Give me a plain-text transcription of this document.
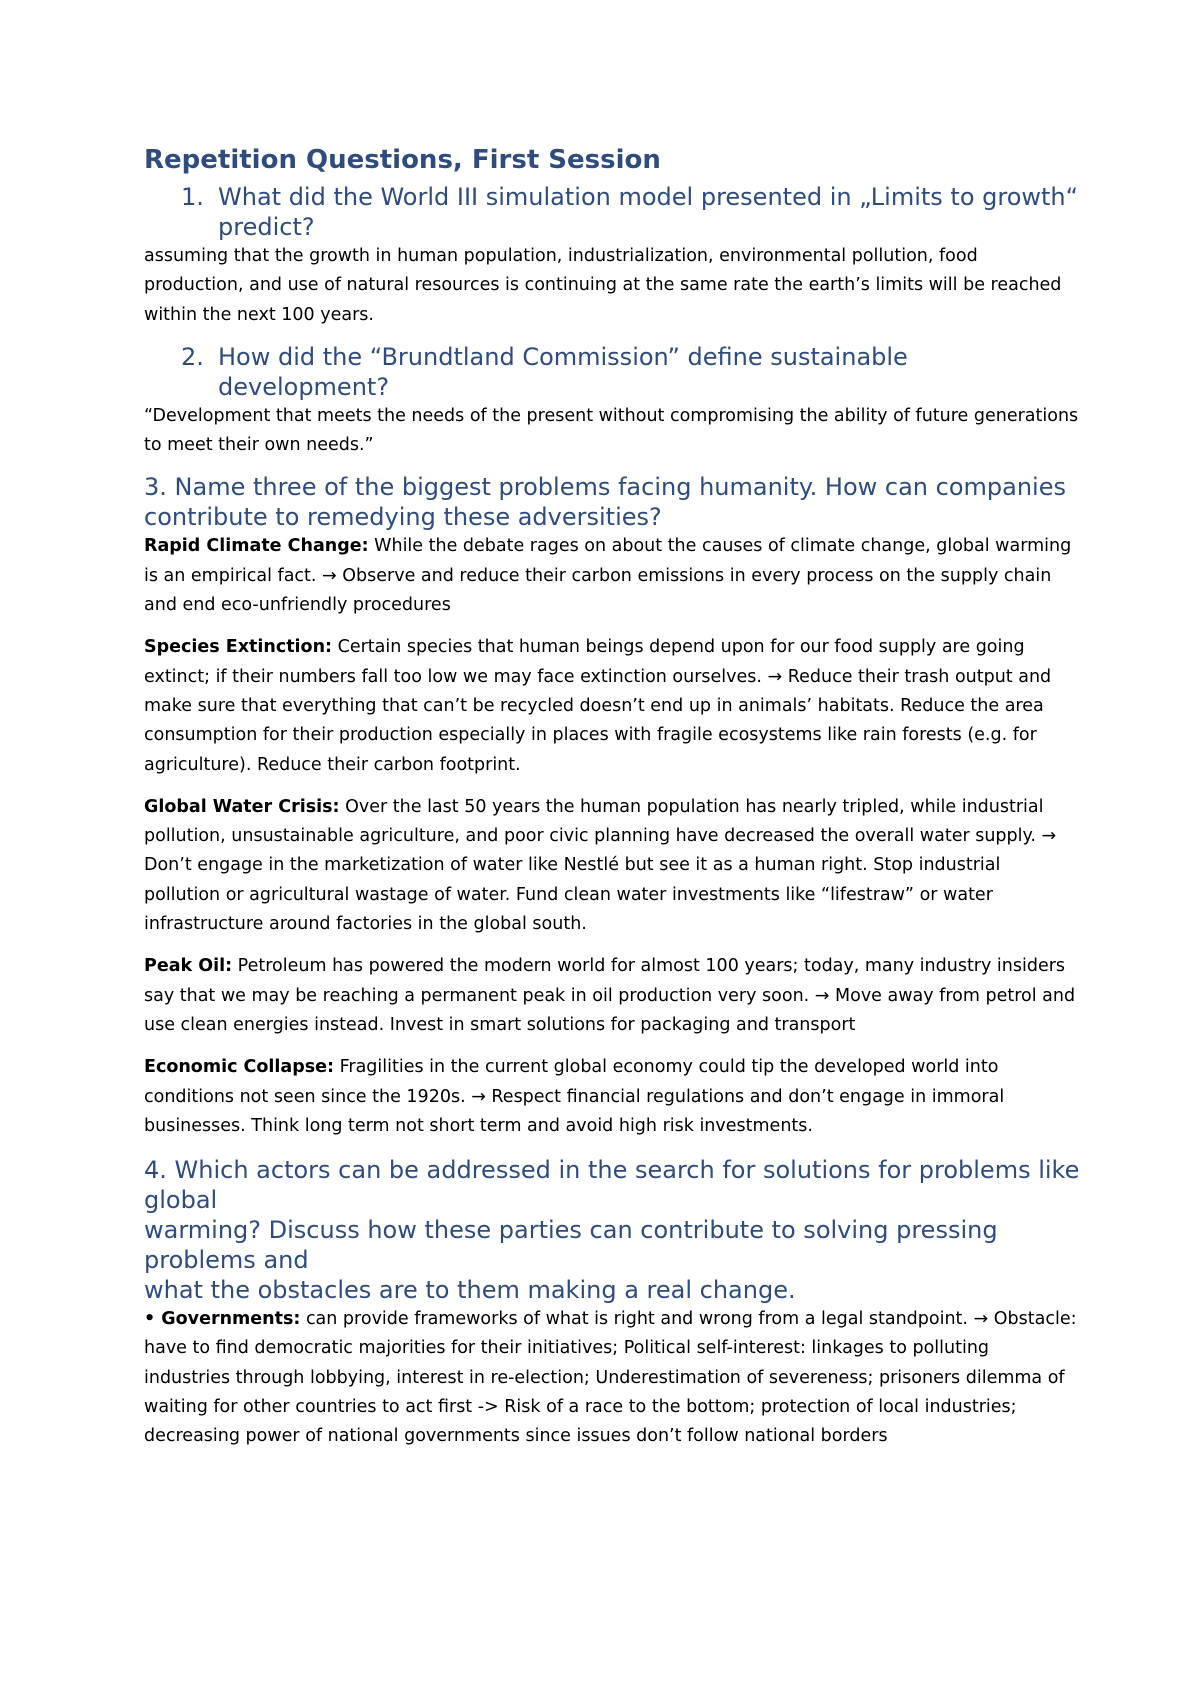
Repetition Questions, First Session
1. What did the World III simulation model presented in „Limits to growth“ predict?

assuming that the growth in human population, industrialization, environmental pollution, food production, and use of natural resources is continuing at the same rate the earth’s limits will be reached within the next 100 years.

2. How did the “Brundtland Commission” define sustainable development?

“Development that meets the needs of the present without compromising the ability of future generations to meet their own needs.”

3. Name three of the biggest problems facing humanity. How can companies contribute to remedying these adversities?

Rapid Climate Change: While the debate rages on about the causes of climate change, global warming is an empirical fact. → Observe and reduce their carbon emissions in every process on the supply chain and end eco-unfriendly procedures

Species Extinction: Certain species that human beings depend upon for our food supply are going extinct; if their numbers fall too low we may face extinction ourselves. → Reduce their trash output and make sure that everything that can’t be recycled doesn’t end up in animals’ habitats. Reduce the area consumption for their production especially in places with fragile ecosystems like rain forests (e.g. for agriculture). Reduce their carbon footprint.

Global Water Crisis: Over the last 50 years the human population has nearly tripled, while industrial pollution, unsustainable agriculture, and poor civic planning have decreased the overall water supply. → Don’t engage in the marketization of water like Nestlé but see it as a human right. Stop industrial pollution or agricultural wastage of water. Fund clean water investments like “lifestraw” or water infrastructure around factories in the global south.

Peak Oil: Petroleum has powered the modern world for almost 100 years; today, many industry insiders say that we may be reaching a permanent peak in oil production very soon. → Move away from petrol and use clean energies instead. Invest in smart solutions for packaging and transport

Economic Collapse: Fragilities in the current global economy could tip the developed world into conditions not seen since the 1920s. → Respect financial regulations and don’t engage in immoral businesses. Think long term not short term and avoid high risk investments.

4. Which actors can be addressed in the search for solutions for problems like global
warming? Discuss how these parties can contribute to solving pressing problems and
what the obstacles are to them making a real change.

• Governments: can provide frameworks of what is right and wrong from a legal standpoint. → Obstacle: have to find democratic majorities for their initiatives; Political self-interest: linkages to polluting industries through lobbying, interest in re-election; Underestimation of severeness; prisoners dilemma of waiting for other countries to act first -> Risk of a race to the bottom; protection of local industries; decreasing power of national governments since issues don’t follow national borders
